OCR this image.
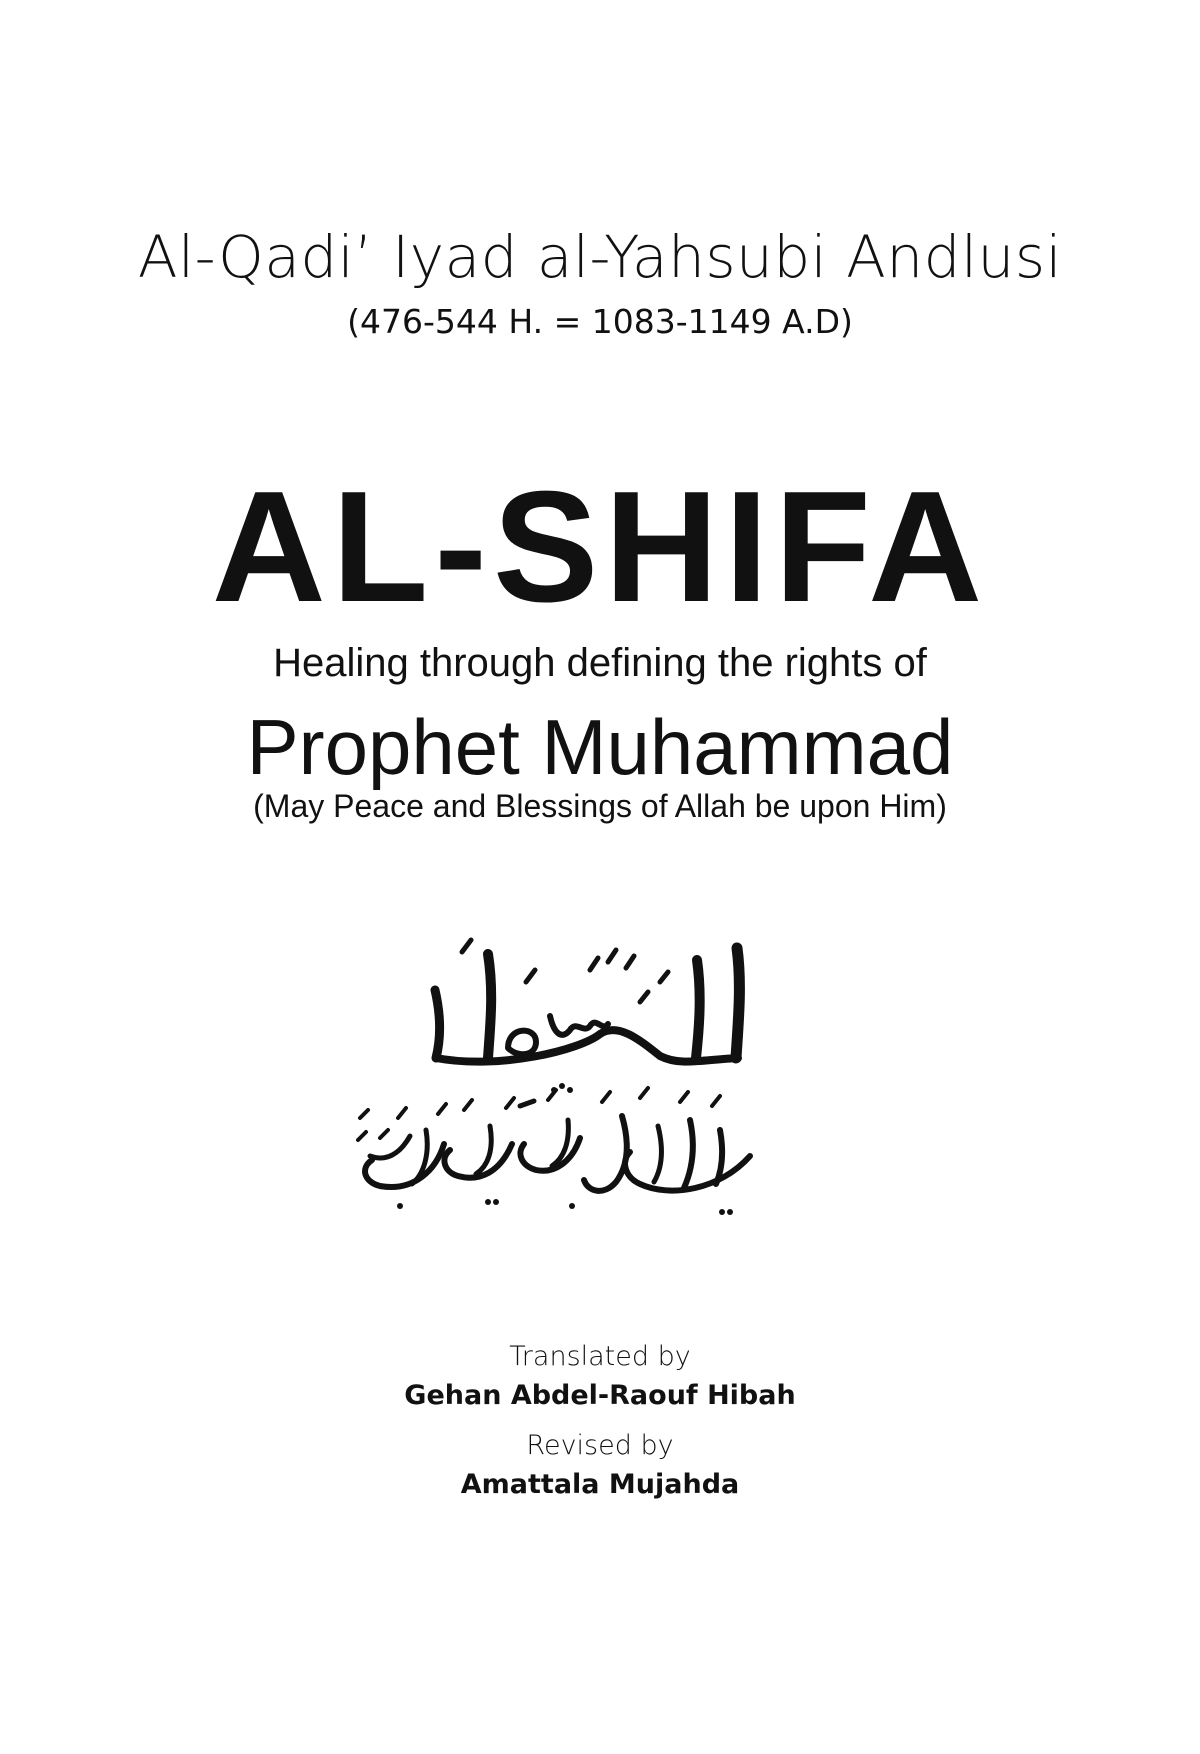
Al-Qadi’ Iyad al-Yahsubi Andlusi
(476-544 H. = 1083-1149 A.D)
AL-SHIFA
Healing through defining the rights of
Prophet Muhammad
(May Peace and Blessings of Allah be upon Him)
Translated by
Gehan Abdel-Raouf Hibah
Revised by
Amattala Mujahda
